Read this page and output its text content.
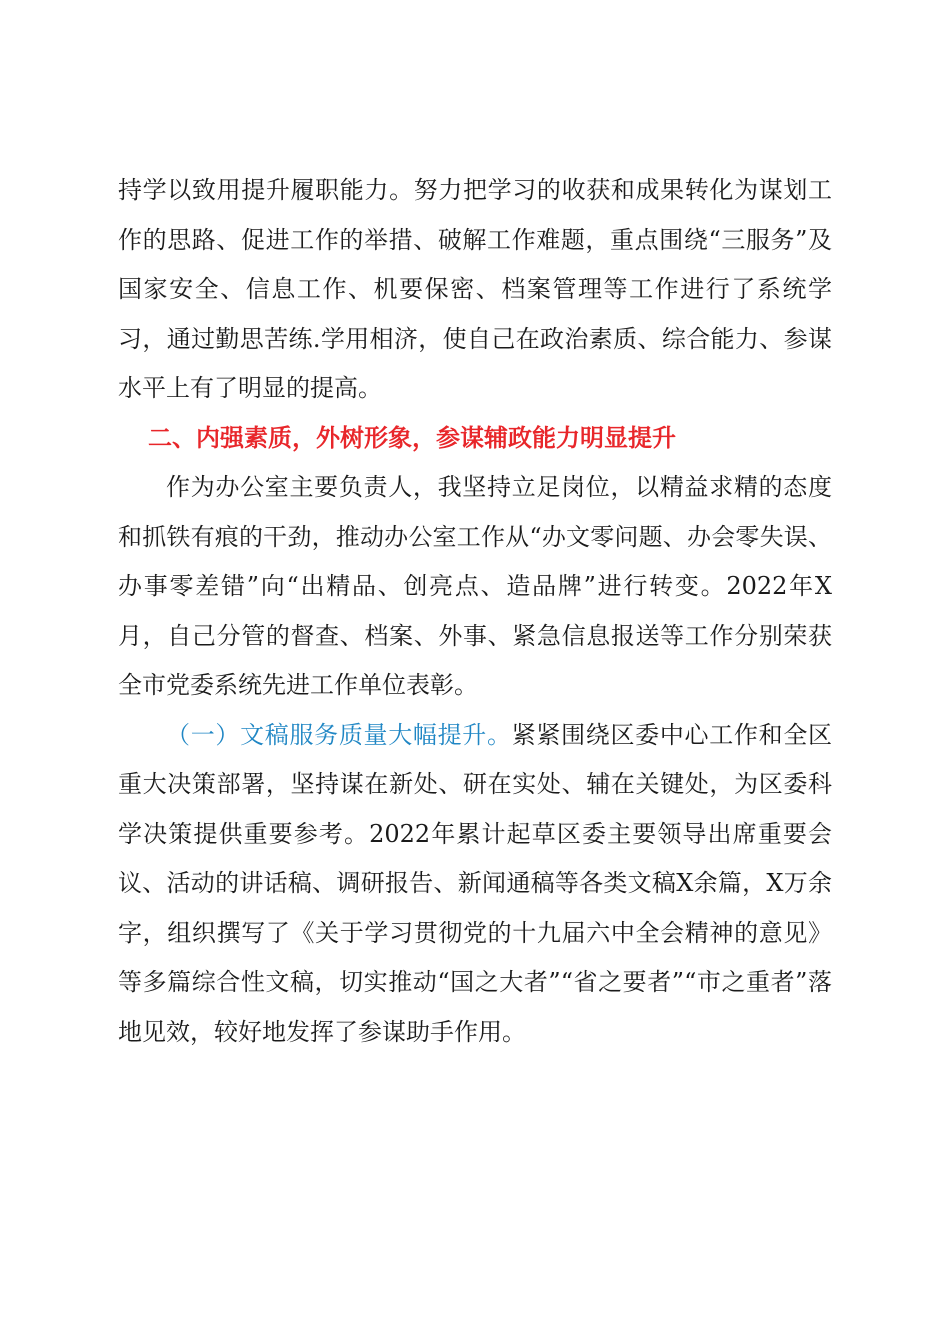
持学以致用提升履职能力。努力把学习的收获和成果转化为谋划工作的思路、促进工作的举措、破解工作难题，重点围绕“三服务”及国家安全、信息工作、机要保密、档案管理等工作进行了系统学习，通过勤思苦练.学用相济，使自己在政治素质、综合能力、参谋水平上有了明显的提高。

二、内强素质，外树形象，参谋辅政能力明显提升

作为办公室主要负责人，我坚持立足岗位，以精益求精的态度和抓铁有痕的干劲，推动办公室工作从“办文零问题、办会零失误、办事零差错”向“出精品、创亮点、造品牌”进行转变。2022年X月，自己分管的督查、档案、外事、紧急信息报送等工作分别荣获全市党委系统先进工作单位表彰。

（一）文稿服务质量大幅提升。紧紧围绕区委中心工作和全区重大决策部署，坚持谋在新处、研在实处、辅在关键处，为区委科学决策提供重要参考。2022年累计起草区委主要领导出席重要会议、活动的讲话稿、调研报告、新闻通稿等各类文稿X余篇，X万余字，组织撰写了《关于学习贯彻党的十九届六中全会精神的意见》等多篇综合性文稿，切实推动“国之大者”“省之要者”“市之重者”落地见效，较好地发挥了参谋助手作用。
